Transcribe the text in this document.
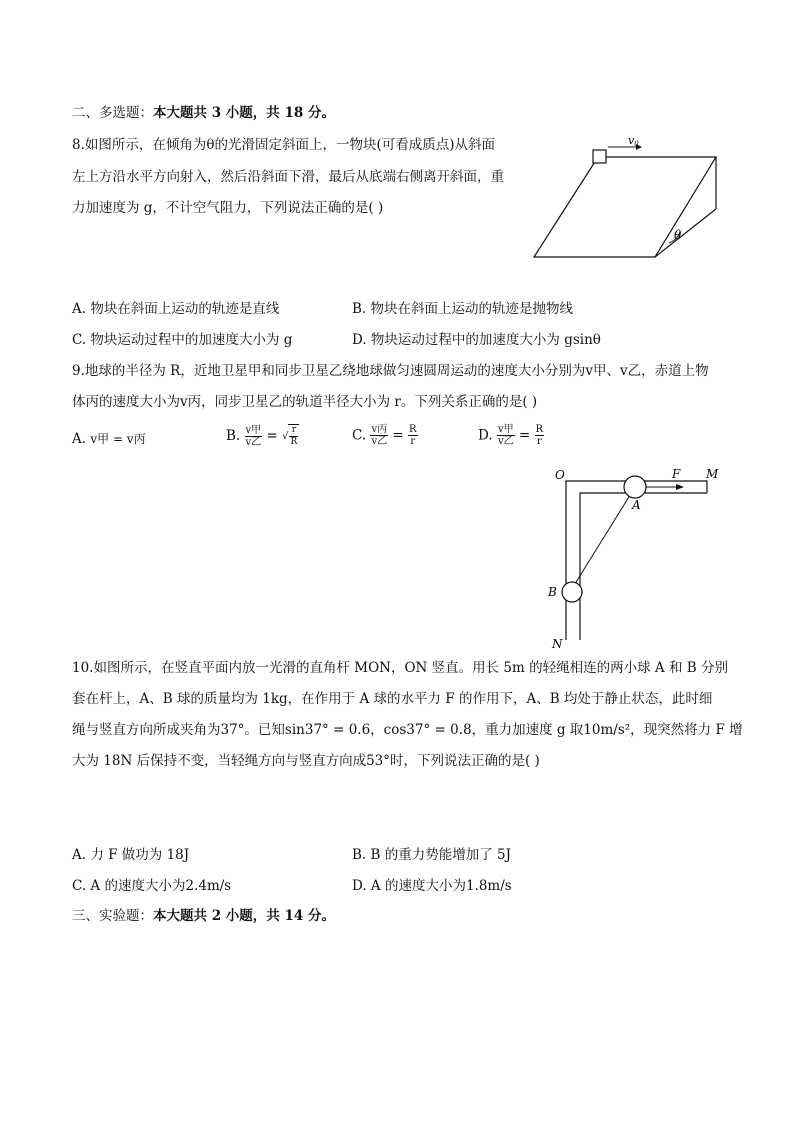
二、多选题：本大题共 3 小题，共 18 分。
8.如图所示，在倾角为θ的光滑固定斜面上，一物块(可看成质点)从斜面
左上方沿水平方向射入，然后沿斜面下滑，最后从底端右侧离开斜面，重
力加速度为 g，不计空气阻力，下列说法正确的是( )
v0
θ
A. 物块在斜面上运动的轨迹是直线	B. 物块在斜面上运动的轨迹是抛物线
C. 物块运动过程中的加速度大小为 g	D. 物块运动过程中的加速度大小为 gsinθ
9.地球的半径为 R，近地卫星甲和同步卫星乙绕地球做匀速圆周运动的速度大小分别为v甲、v乙，赤道上物
体丙的速度大小为v丙，同步卫星乙的轨道半径大小为 r。下列关系正确的是( )
A. v甲 = v丙	B. $\frac{\text{v甲}}{\text{v乙}}$ = √ $\frac{r}{R}$	C. $\frac{\text{v丙}}{\text{v乙}} = \frac{R}{r}$	D. $\frac{\text{v甲}}{\text{v乙}} = \frac{R}{r}$
O	F M
A
B
N
10.如图所示，在竖直平面内放一光滑的直角杆 MON，ON 竖直。用长 5m 的轻绳相连的两小球 A 和 B 分别
套在杆上，A、B 球的质量均为 1kg，在作用于 A 球的水平力 F 的作用下，A、B 均处于静止状态，此时细
绳与竖直方向所成夹角为37°。已知sin37° = 0.6，cos37° = 0.8，重力加速度 g 取10m/s²，现突然将力 F 增
大为 18N 后保持不变，当轻绳方向与竖直方向成53°时，下列说法正确的是( )
A. 力 F 做功为 18J	B. B 的重力势能增加了 5J
C. A 的速度大小为2.4m/s	D. A 的速度大小为1.8m/s
三、实验题：本大题共 2 小题，共 14 分。
